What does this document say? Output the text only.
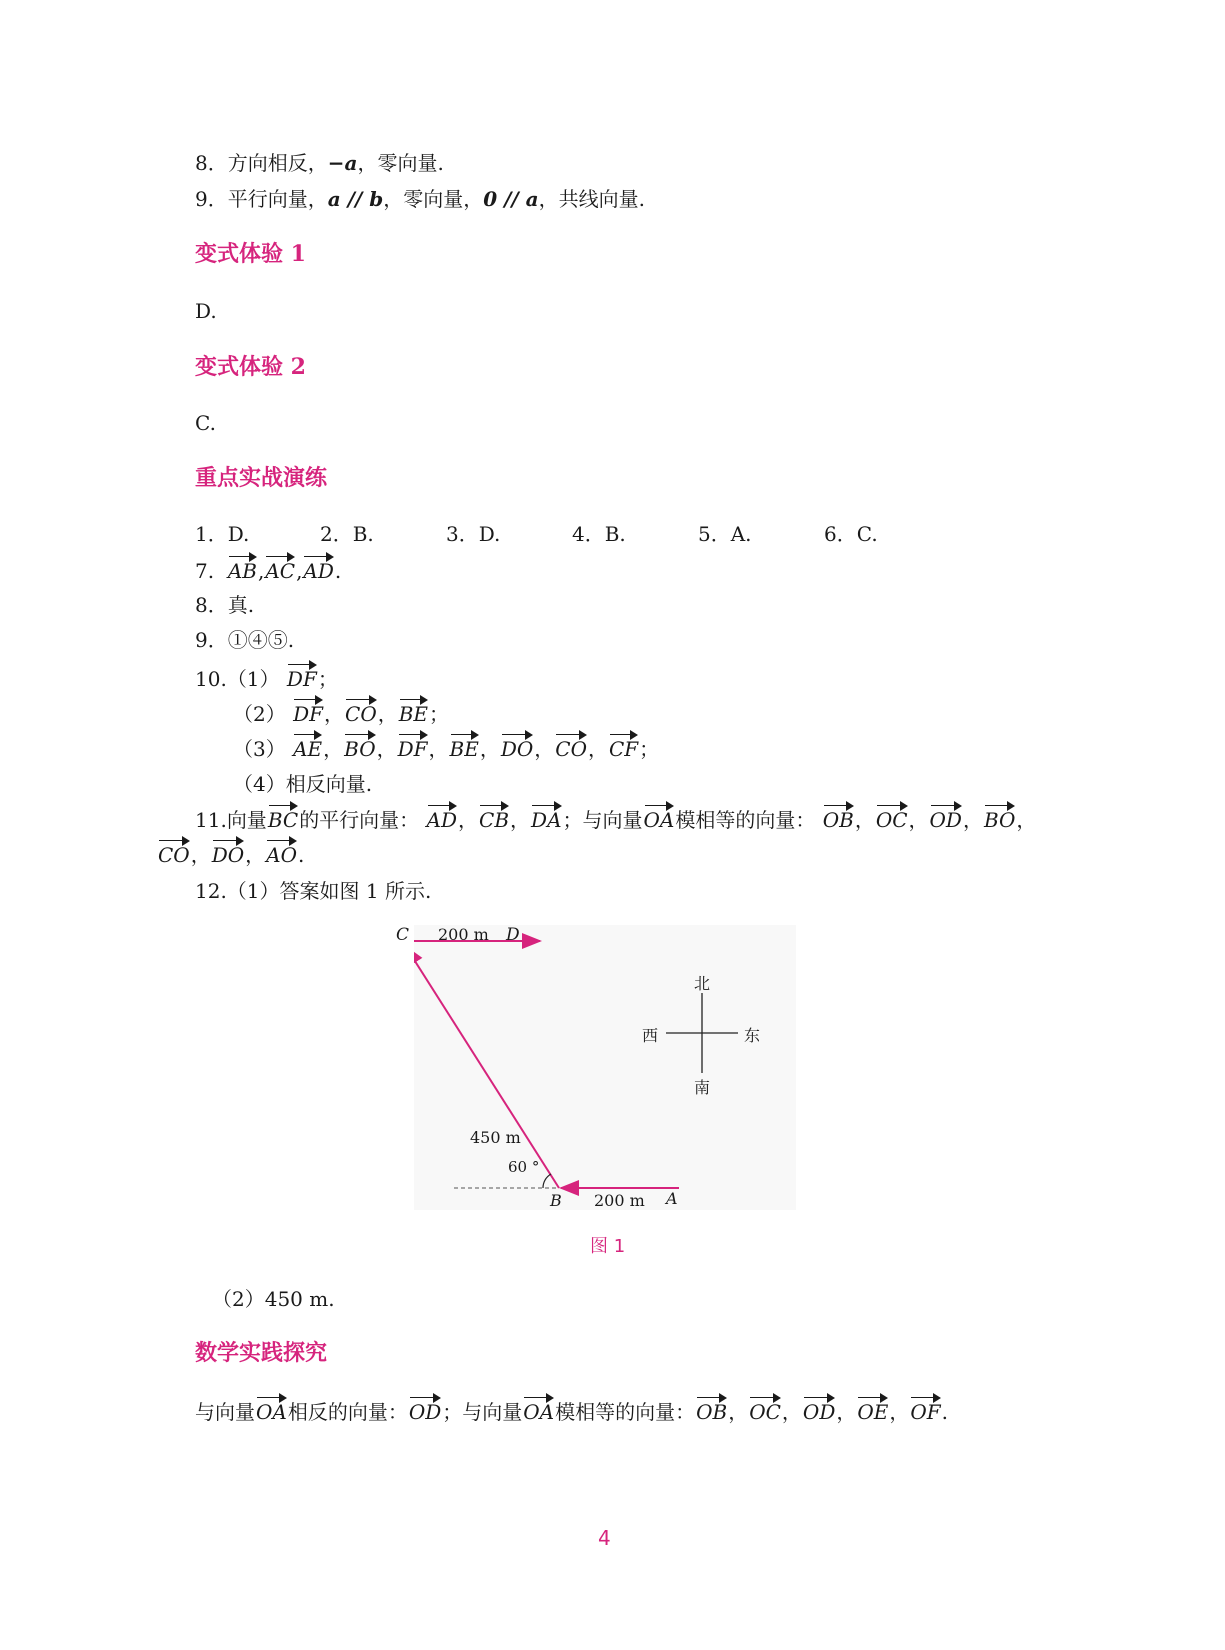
8．方向相反，−a，零向量.
9．平行向量，a // b，零向量，0 // a，共线向量.
变式体验 1
D.
变式体验 2
C.
重点实战演练
1．D.	2．B.	3．D.	4．B.	5．A.	6．C.
7. AB,AC,AD.
8．真.
9．①④⑤.
10.（1） DF；
（2） DF，CO，BE；
（3） AE，BO，DF，BE，DO，CO，CF；
（4）相反向量.
11.向量BC的平行向量： AD，CB，DA；与向量OA模相等的向量： OB，OC，OD，BO，
CO，DO，AO.
12.（1）答案如图 1 所示.
C	D
200 m
450 m
60 °
B 200 m A
北
南
西	东
图 1
（2）450 m.
数学实践探究
与向量OA相反的向量：OD；与向量OA模相等的向量：OB，OC，OD，OE，OF.
4
